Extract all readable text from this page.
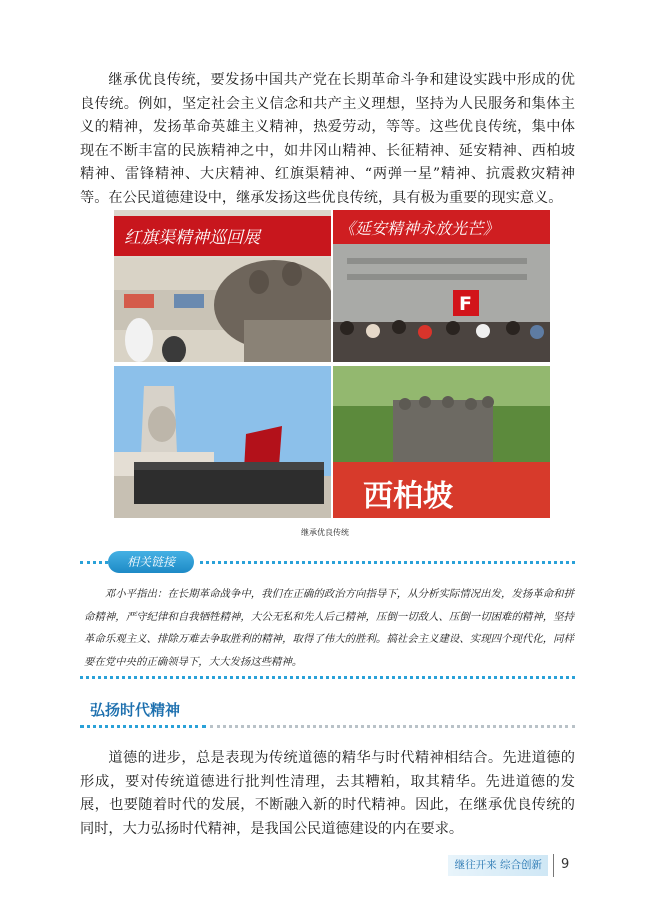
继承优良传统，要发扬中国共产党在长期革命斗争和建设实践中形成的优良传统。例如，坚定社会主义信念和共产主义理想，坚持为人民服务和集体主义的精神，发扬革命英雄主义精神，热爱劳动，等等。这些优良传统，集中体现在不断丰富的民族精神之中，如井冈山精神、长征精神、延安精神、西柏坡精神、雷锋精神、大庆精神、红旗渠精神、“两弹一星”精神、抗震救灾精神等。在公民道德建设中，继承发扬这些优良传统，具有极为重要的现实意义。

红旗渠精神巡回展	《延安精神永放光芒》
F
西柏坡
继承优良传统
相关链接

邓小平指出：在长期革命战争中，我们在正确的政治方向指导下，从分析实际情况出发，发扬革命和拼命精神，严守纪律和自我牺牲精神，大公无私和先人后己精神，压倒一切敌人、压倒一切困难的精神，坚持革命乐观主义、排除万难去争取胜利的精神，取得了伟大的胜利。搞社会主义建设、实现四个现代化，同样要在党中央的正确领导下，大大发扬这些精神。

弘扬时代精神

道德的进步，总是表现为传统道德的精华与时代精神相结合。先进道德的形成，要对传统道德进行批判性清理，去其糟粕，取其精华。先进道德的发展，也要随着时代的发展，不断融入新的时代精神。因此，在继承优良传统的同时，大力弘扬时代精神，是我国公民道德建设的内在要求。

继往开来 综合创新	9
